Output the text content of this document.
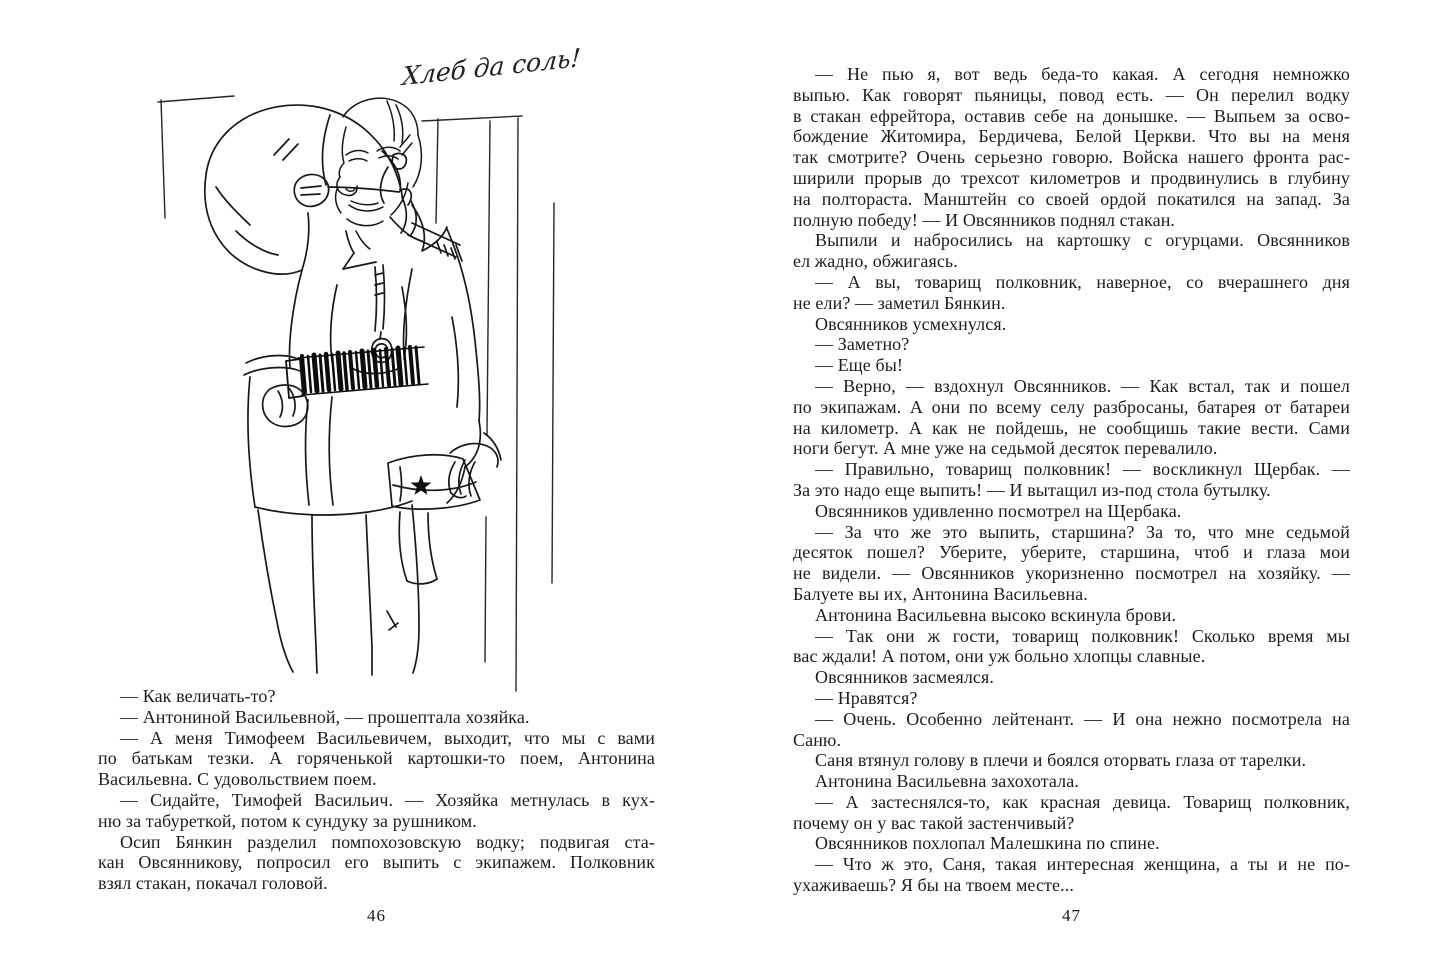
Хлеб да соль!
— Как величать-то?
— Антониной Васильевной, — прошептала хозяйка.
— А меня Тимофеем Васильевичем, выходит, что мы с вами
по батькам тезки. А горяченькой картошки-то поем, Антонина
Васильевна. С удовольствием поем.
— Сидайте, Тимофей Васильич. — Хозяйка метнулась в кух-
ню за табуреткой, потом к сундуку за рушником.
Осип Бянкин разделил помпохозовскую водку; подвигая ста-
кан Овсянникову, попросил его выпить с экипажем. Полковник
взял стакан, покачал головой.
46
— Не пью я, вот ведь беда-то какая. А сегодня немножко
выпью. Как говорят пьяницы, повод есть. — Он перелил водку
в стакан ефрейтора, оставив себе на донышке. — Выпьем за осво-
бождение Житомира, Бердичева, Белой Церкви. Что вы на меня
так смотрите? Очень серьезно говорю. Войска нашего фронта рас-
ширили прорыв до трехсот километров и продвинулись в глубину
на полтораста. Манштейн со своей ордой покатился на запад. За
полную победу! — И Овсянников поднял стакан.
Выпили и набросились на картошку с огурцами. Овсянников
ел жадно, обжигаясь.
— А вы, товарищ полковник, наверное, со вчерашнего дня
не ели? — заметил Бянкин.
Овсянников усмехнулся.
— Заметно?
— Еще бы!
— Верно, — вздохнул Овсянников. — Как встал, так и пошел
по экипажам. А они по всему селу разбросаны, батарея от батареи
на километр. А как не пойдешь, не сообщишь такие вести. Сами
ноги бегут. А мне уже на седьмой десяток перевалило.
— Правильно, товарищ полковник! — воскликнул Щербак. —
За это надо еще выпить! — И вытащил из-под стола бутылку.
Овсянников удивленно посмотрел на Щербака.
— За что же это выпить, старшина? За то, что мне седьмой
десяток пошел? Уберите, уберите, старшина, чтоб и глаза мои
не видели. — Овсянников укоризненно посмотрел на хозяйку. —
Балуете вы их, Антонина Васильевна.
Антонина Васильевна высоко вскинула брови.
— Так они ж гости, товарищ полковник! Сколько время мы
вас ждали! А потом, они уж больно хлопцы славные.
Овсянников засмеялся.
— Нравятся?
— Очень. Особенно лейтенант. — И она нежно посмотрела на
Саню.
Саня втянул голову в плечи и боялся оторвать глаза от тарелки.
Антонина Васильевна захохотала.
— А застеснялся-то, как красная девица. Товарищ полковник,
почему он у вас такой застенчивый?
Овсянников похлопал Малешкина по спине.
— Что ж это, Саня, такая интересная женщина, а ты и не по-
ухаживаешь? Я бы на твоем месте...
47
